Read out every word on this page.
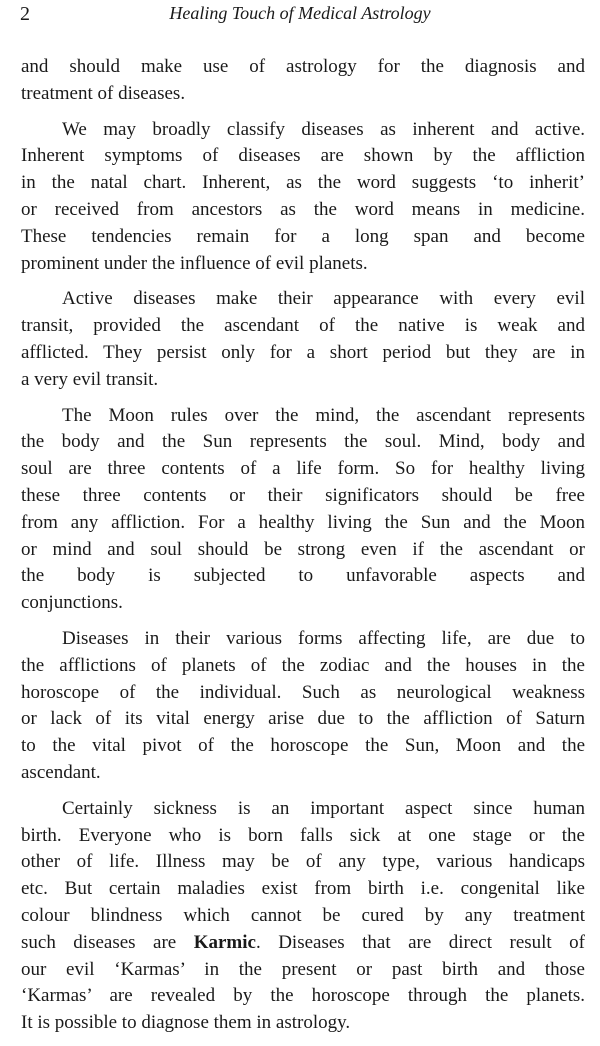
2	Healing Touch of Medical Astrology
and should make use of astrology for the diagnosis and
treatment of diseases.
We may broadly classify diseases as inherent and active.
Inherent symptoms of diseases are shown by the affliction
in the natal chart. Inherent, as the word suggests ‘to inherit’
or received from ancestors as the word means in medicine.
These tendencies remain for a long span and become
prominent under the influence of evil planets.
Active diseases make their appearance with every evil
transit, provided the ascendant of the native is weak and
afflicted. They persist only for a short period but they are in
a very evil transit.
The Moon rules over the mind, the ascendant represents
the body and the Sun represents the soul. Mind, body and
soul are three contents of a life form. So for healthy living
these three contents or their significators should be free
from any affliction. For a healthy living the Sun and the Moon
or mind and soul should be strong even if the ascendant or
the body is subjected to unfavorable aspects and
conjunctions.
Diseases in their various forms affecting life, are due to
the afflictions of planets of the zodiac and the houses in the
horoscope of the individual. Such as neurological weakness
or lack of its vital energy arise due to the affliction of Saturn
to the vital pivot of the horoscope the Sun, Moon and the
ascendant.
Certainly sickness is an important aspect since human
birth. Everyone who is born falls sick at one stage or the
other of life. Illness may be of any type, various handicaps
etc. But certain maladies exist from birth i.e. congenital like
colour blindness which cannot be cured by any treatment
such diseases are Karmic. Diseases that are direct result of
our evil ‘Karmas’ in the present or past birth and those
‘Karmas’ are revealed by the horoscope through the planets.
It is possible to diagnose them in astrology.
